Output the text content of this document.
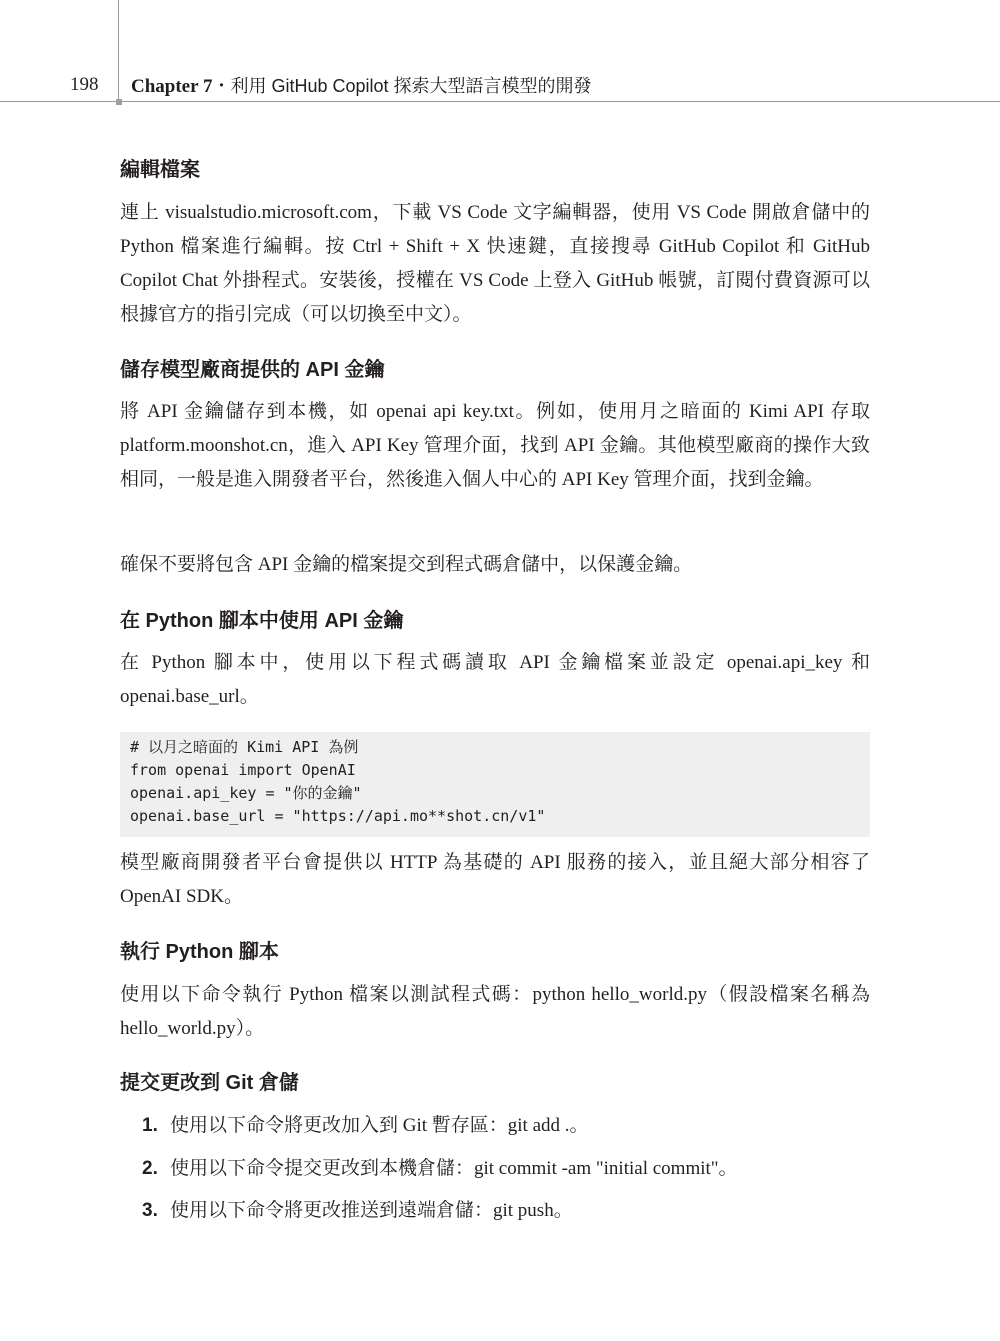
198 Chapter 7・利用 GitHub Copilot 探索大型語言模型的開發
編輯檔案

連上 visualstudio.microsoft.com，下載 VS Code 文字編輯器，使用 VS Code 開啟倉儲中的 Python 檔案進行編輯。按 Ctrl + Shift + X 快速鍵，直接搜尋 GitHub Copilot 和 GitHub Copilot Chat 外掛程式。安裝後，授權在 VS Code 上登入 GitHub 帳號，訂閱付費資源可以根據官方的指引完成（可以切換至中文）。

儲存模型廠商提供的 API 金鑰

將 API 金鑰儲存到本機，如 openai api key.txt。例如，使用月之暗面的 Kimi API 存取 platform.moonshot.cn，進入 API Key 管理介面，找到 API 金鑰。其他模型廠商的操作大致相同，一般是進入開發者平台，然後進入個人中心的 API Key 管理介面，找到金鑰。

確保不要將包含 API 金鑰的檔案提交到程式碼倉儲中，以保護金鑰。

在 Python 腳本中使用 API 金鑰

在 Python 腳本中，使用以下程式碼讀取 API 金鑰檔案並設定 openai.api_key 和 openai.base_url。

# 以月之暗面的 Kimi API 為例
from openai import OpenAI
openai.api_key = "你的金鑰"
openai.base_url = "https://api.mo**shot.cn/v1"

模型廠商開發者平台會提供以 HTTP 為基礎的 API 服務的接入，並且絕大部分相容了 OpenAI SDK。

執行 Python 腳本

使用以下命令執行 Python 檔案以測試程式碼：python hello_world.py（假設檔案名稱為 hello_world.py）。

提交更改到 Git 倉儲
1. 使用以下命令將更改加入到 Git 暫存區：git add .。
2. 使用以下命令提交更改到本機倉儲：git commit -am "initial commit"。
3. 使用以下命令將更改推送到遠端倉儲：git push。
